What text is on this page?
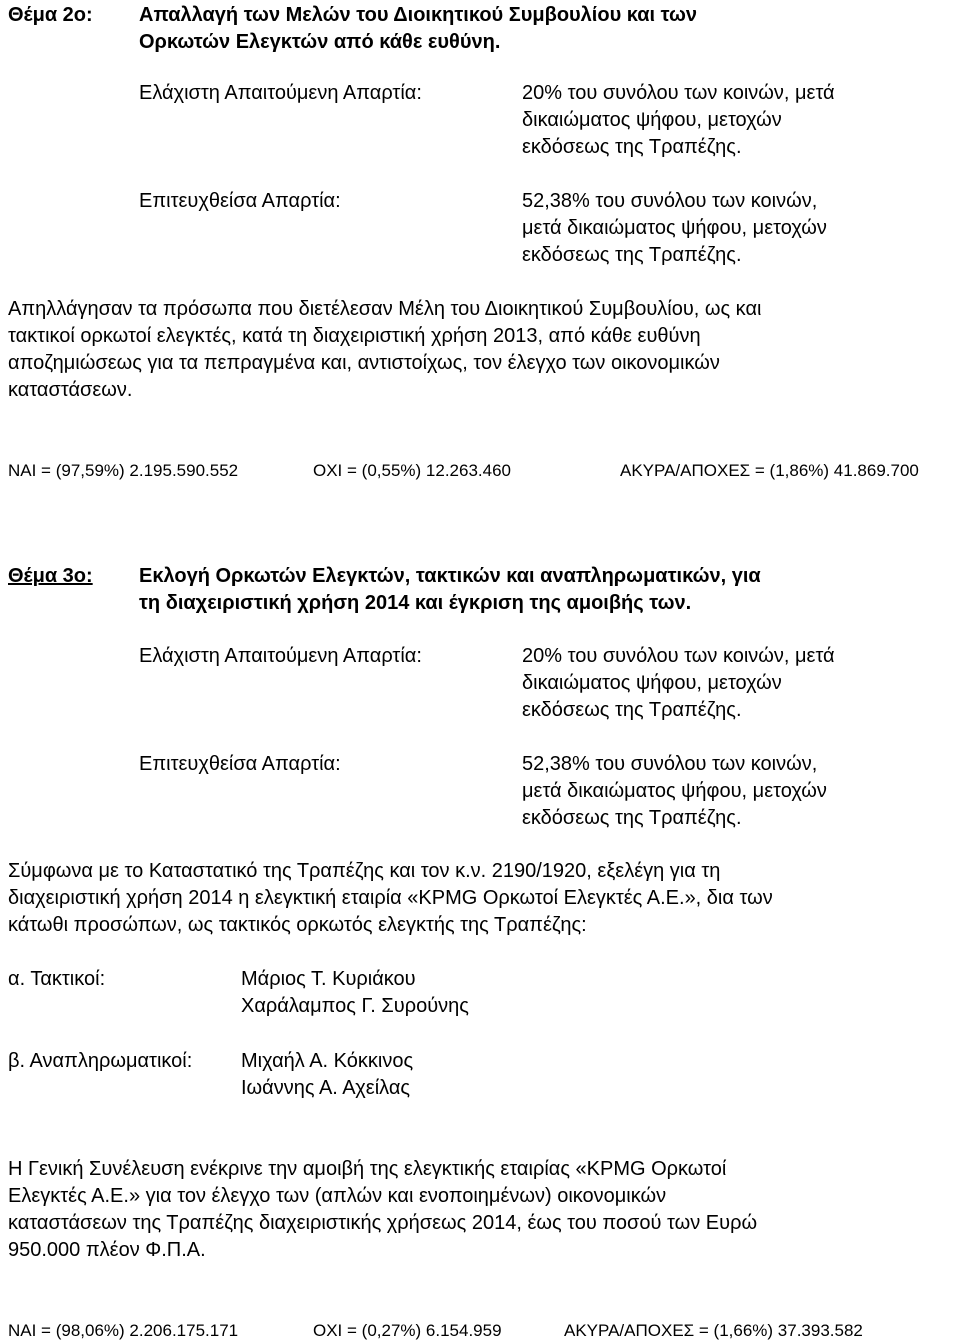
Θέμα 2ο: Απαλλαγή των Μελών του Διοικητικού Συμβουλίου και των
Ορκωτών Ελεγκτών από κάθε ευθύνη.
Ελάχιστη Απαιτούμενη Απαρτία:	20% του συνόλου των κοινών, μετά
δικαιώματος ψήφου, μετοχών
εκδόσεως της Τραπέζης.
Επιτευχθείσα Απαρτία:	52,38% του συνόλου των κοινών,
μετά δικαιώματος ψήφου, μετοχών
εκδόσεως της Τραπέζης.
Απηλλάγησαν τα πρόσωπα που διετέλεσαν Μέλη του Διοικητικού Συμβουλίου, ως και
τακτικοί ορκωτοί ελεγκτές, κατά τη διαχειριστική χρήση 2013, από κάθε ευθύνη
αποζημιώσεως για τα πεπραγμένα και, αντιστοίχως, τον έλεγχο των οικονομικών
καταστάσεων.
ΝΑΙ = (97,59%) 2.195.590.552	ΟΧΙ = (0,55%) 12.263.460	ΑΚΥΡΑ/ΑΠΟΧΕΣ = (1,86%) 41.869.700
Θέμα 3ο: Εκλογή Ορκωτών Ελεγκτών, τακτικών και αναπληρωματικών, για
τη διαχειριστική χρήση 2014 και έγκριση της αμοιβής των.
Ελάχιστη Απαιτούμενη Απαρτία:	20% του συνόλου των κοινών, μετά
δικαιώματος ψήφου, μετοχών
εκδόσεως της Τραπέζης.
Επιτευχθείσα Απαρτία:	52,38% του συνόλου των κοινών,
μετά δικαιώματος ψήφου, μετοχών
εκδόσεως της Τραπέζης.
Σύμφωνα με το Καταστατικό της Τραπέζης και τον κ.ν. 2190/1920, εξελέγη για τη
διαχειριστική χρήση 2014 η ελεγκτική εταιρία «KPMG Ορκωτοί Ελεγκτές Α.Ε.», δια των
κάτωθι προσώπων, ως τακτικός ορκωτός ελεγκτής της Τραπέζης:
α. Τακτικοί:	Μάριος Τ. Κυριάκου
Χαράλαμπος Γ. Συρούνης
β. Αναπληρωματικοί: Μιχαήλ Α. Κόκκινος
Ιωάννης Α. Αχείλας
Η Γενική Συνέλευση ενέκρινε την αμοιβή της ελεγκτικής εταιρίας «KPMG Ορκωτοί
Ελεγκτές Α.Ε.» για τον έλεγχο των (απλών και ενοποιημένων) οικονομικών
καταστάσεων της Τραπέζης διαχειριστικής χρήσεως 2014, έως του ποσού των Ευρώ
950.000 πλέον Φ.Π.Α.
ΝΑΙ = (98,06%) 2.206.175.171	ΟΧΙ = (0,27%) 6.154.959	ΑΚΥΡΑ/ΑΠΟΧΕΣ = (1,66%) 37.393.582
